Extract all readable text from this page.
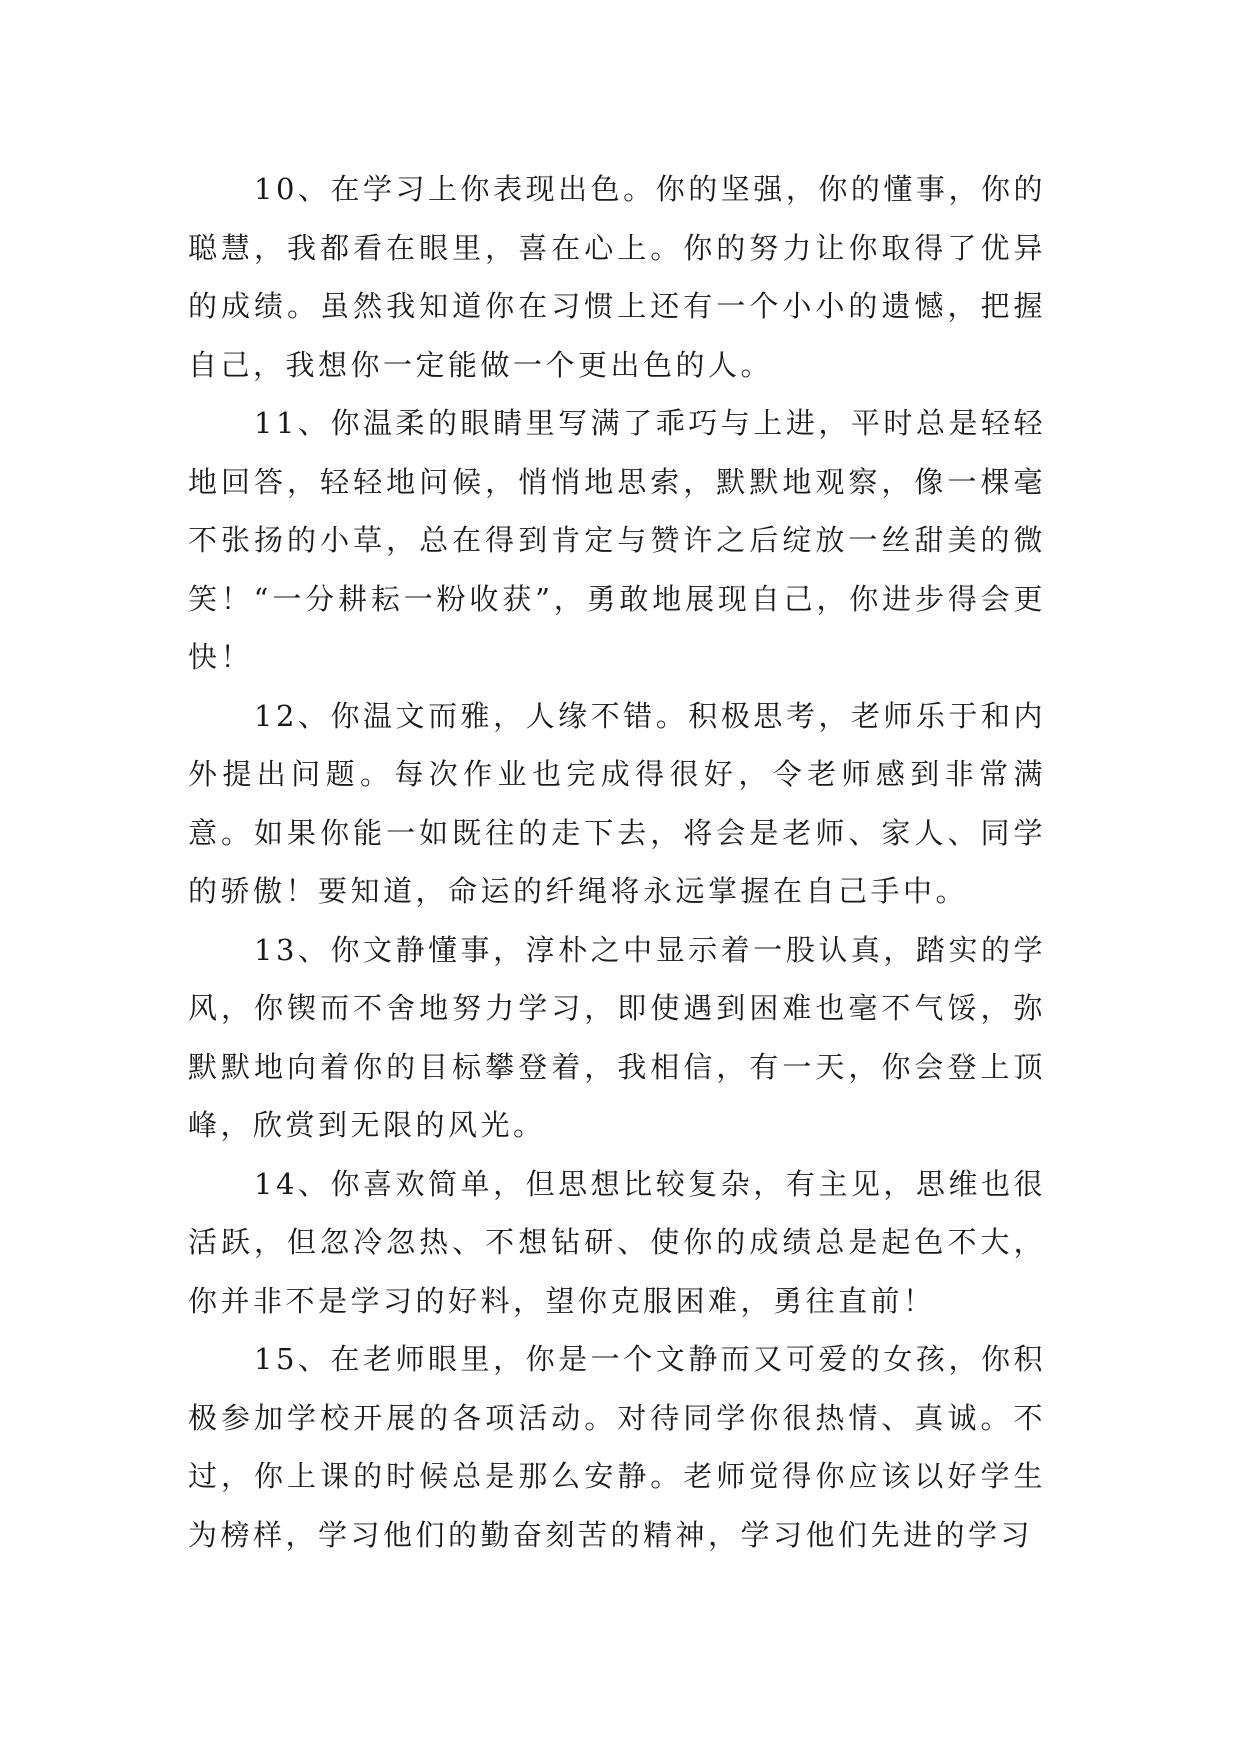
10、在学习上你表现出色。你的坚强，你的懂事，你的聪慧，我都看在眼里，喜在心上。你的努力让你取得了优异的成绩。虽然我知道你在习惯上还有一个小小的遗憾，把握自己，我想你一定能做一个更出色的人。

11、你温柔的眼睛里写满了乖巧与上进，平时总是轻轻地回答，轻轻地问候，悄悄地思索，默默地观察，像一棵毫不张扬的小草，总在得到肯定与赞许之后绽放一丝甜美的微笑！“一分耕耘一粉收获”，勇敢地展现自己，你进步得会更快！

12、你温文而雅，人缘不错。积极思考，老师乐于和内外提出问题。每次作业也完成得很好，令老师感到非常满意。如果你能一如既往的走下去，将会是老师、家人、同学的骄傲！要知道，命运的纤绳将永远掌握在自己手中。

13、你文静懂事，淳朴之中显示着一股认真，踏实的学风，你锲而不舍地努力学习，即使遇到困难也毫不气馁，弥默默地向着你的目标攀登着，我相信，有一天，你会登上顶峰，欣赏到无限的风光。

14、你喜欢简单，但思想比较复杂，有主见，思维也很活跃，但忽冷忽热、不想钻研、使你的成绩总是起色不大，你并非不是学习的好料，望你克服困难，勇往直前！

15、在老师眼里，你是一个文静而又可爱的女孩，你积极参加学校开展的各项活动。对待同学你很热情、真诚。不过，你上课的时候总是那么安静。老师觉得你应该以好学生为榜样，学习他们的勤奋刻苦的精神，学习他们先进的学习
